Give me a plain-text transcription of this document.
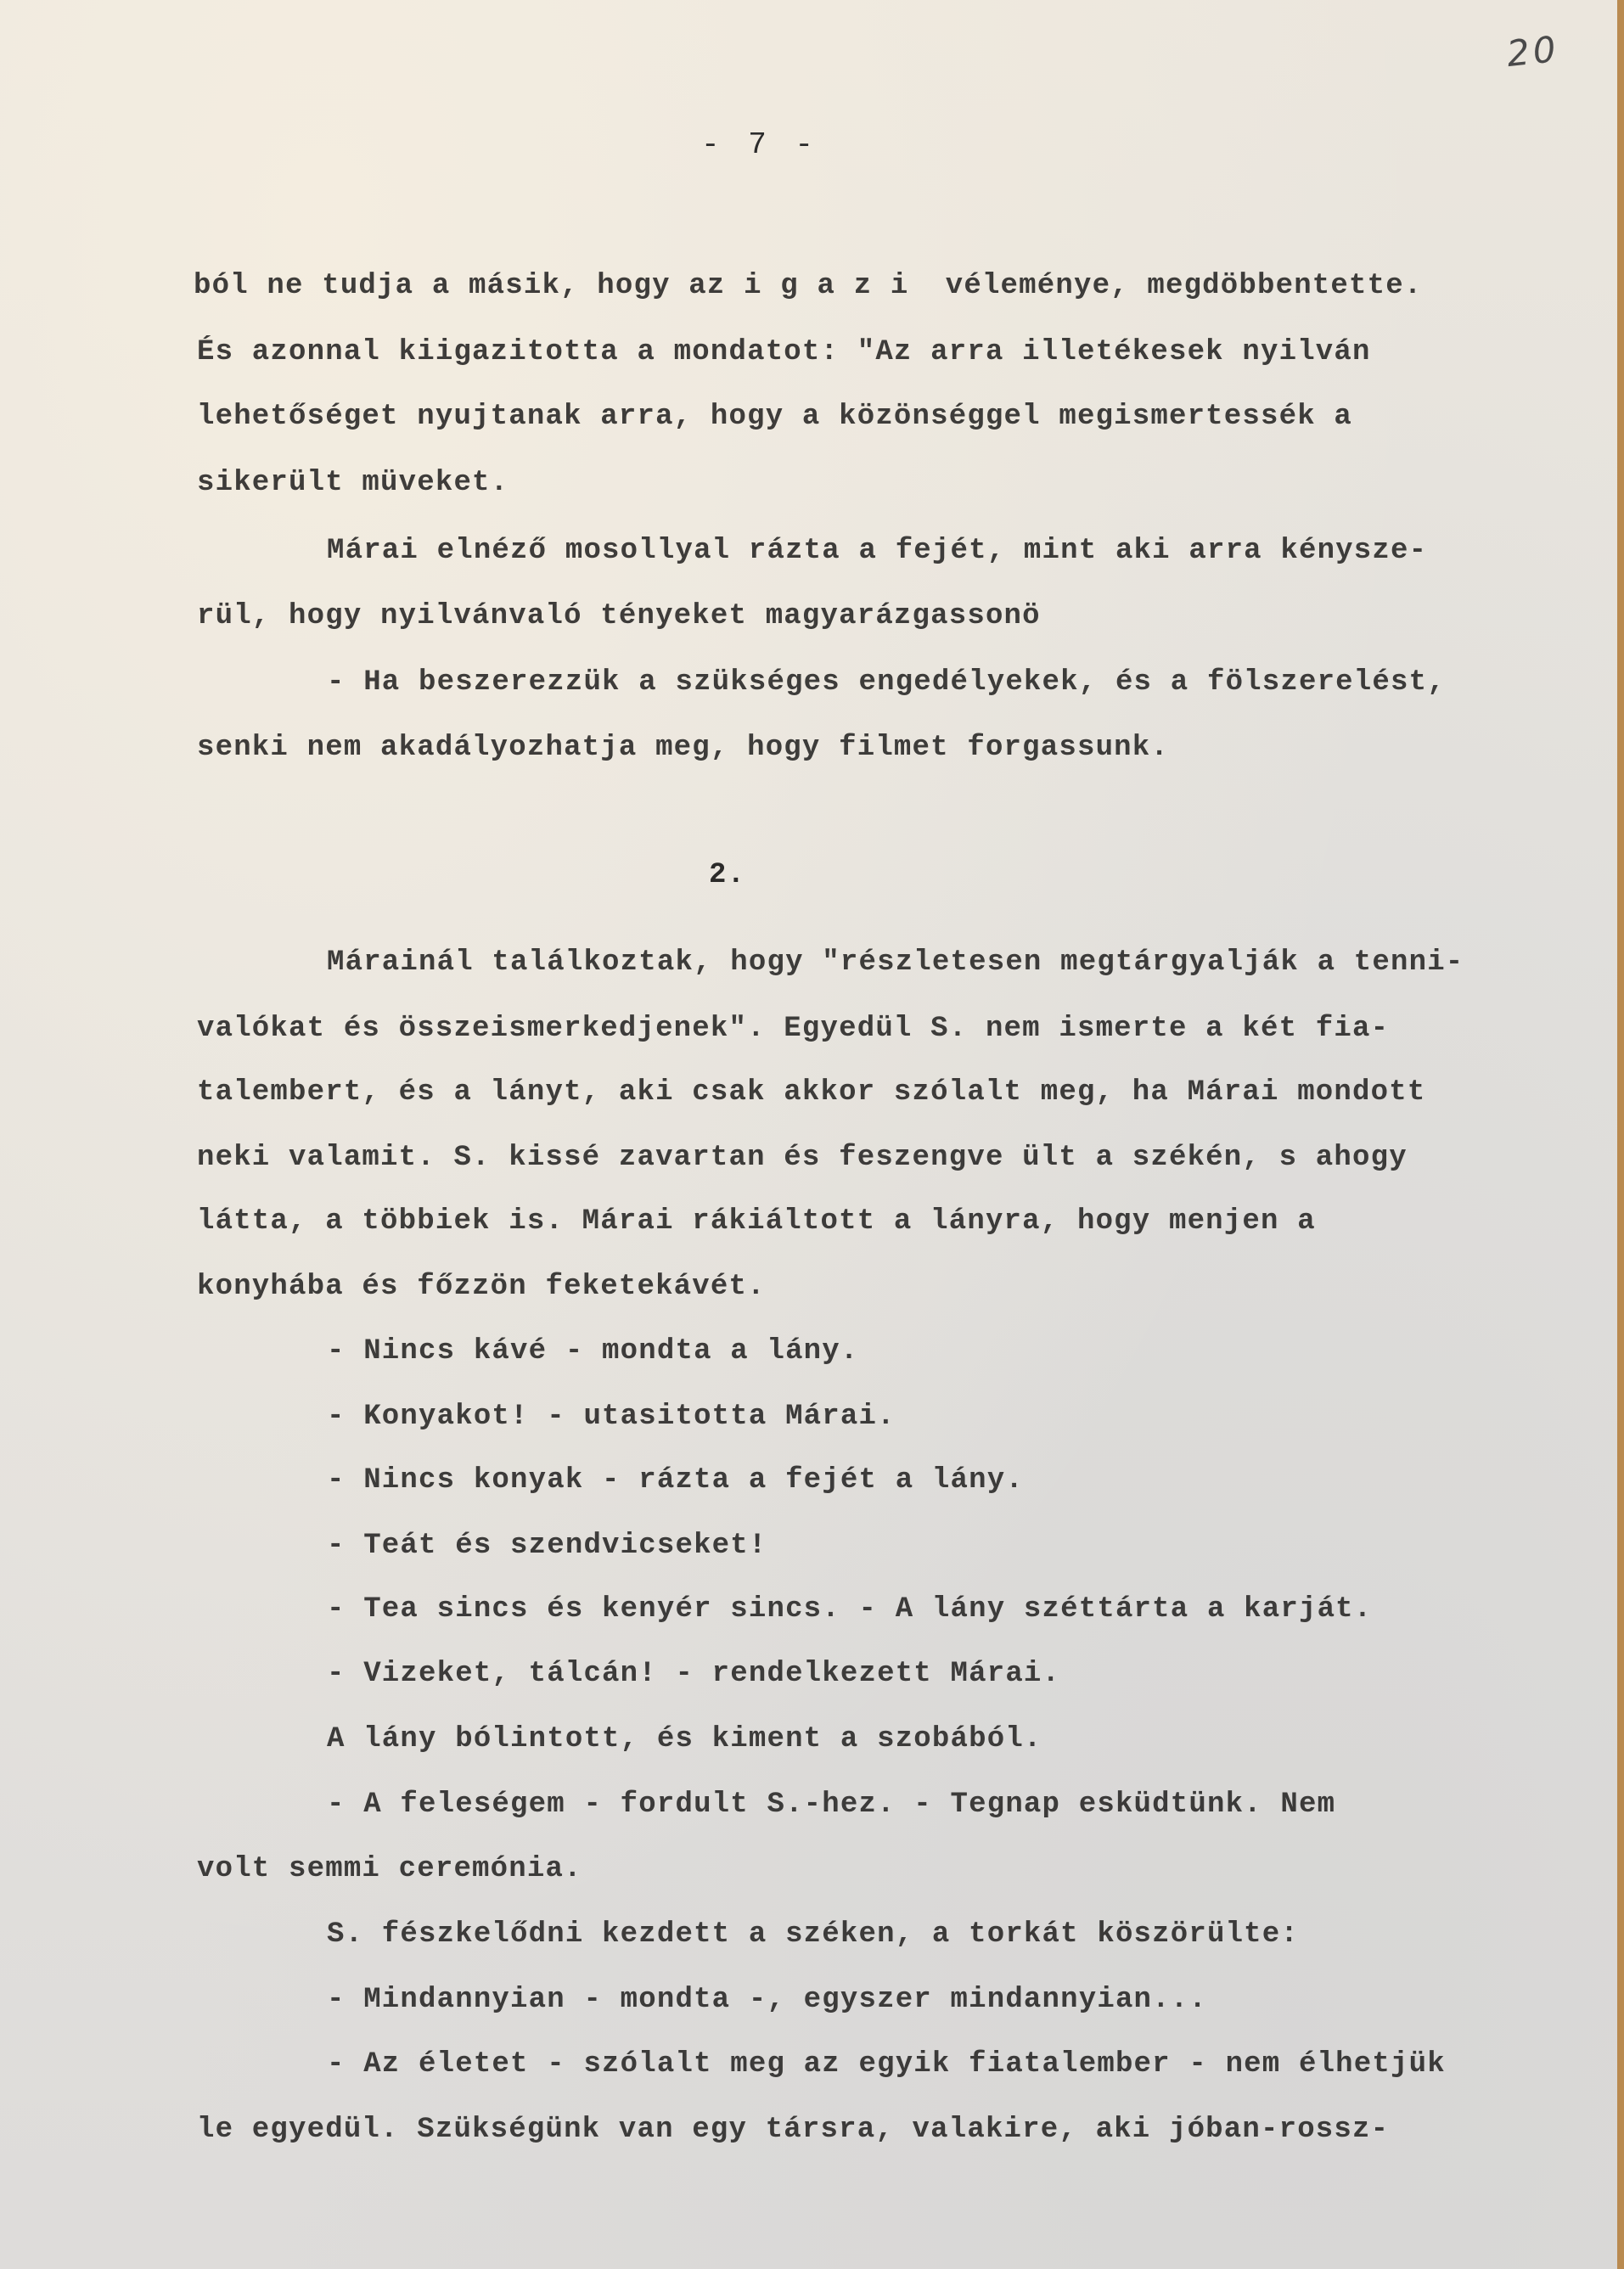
20
- 7 -
2.
ból ne tudja a másik, hogy az i g a z i  véleménye, megdöbbentette.
És azonnal kiigazitotta a mondatot: "Az arra illetékesek nyilván
lehetőséget nyujtanak arra, hogy a közönséggel megismertessék a
sikerült müveket.
Márai elnéző mosollyal rázta a fejét, mint aki arra kénysze-
rül, hogy nyilvánvaló tényeket magyarázgassonö
- Ha beszerezzük a szükséges engedélyekek, és a fölszerelést,
senki nem akadályozhatja meg, hogy filmet forgassunk.
Márainál találkoztak, hogy "részletesen megtárgyalják a tenni-
valókat és összeismerkedjenek". Egyedül S. nem ismerte a két fia-
talembert, és a lányt, aki csak akkor szólalt meg, ha Márai mondott
neki valamit. S. kissé zavartan és feszengve ült a székén, s ahogy
látta, a többiek is. Márai rákiáltott a lányra, hogy menjen a
konyhába és főzzön feketekávét.
- Nincs kávé - mondta a lány.
- Konyakot! - utasitotta Márai.
- Nincs konyak - rázta a fejét a lány.
- Teát és szendvicseket!
- Tea sincs és kenyér sincs. - A lány széttárta a karját.
- Vizeket, tálcán! - rendelkezett Márai.
A lány bólintott, és kiment a szobából.
- A feleségem - fordult S.-hez. - Tegnap esküdtünk. Nem
volt semmi ceremónia.
S. fészkelődni kezdett a széken, a torkát köszörülte:
- Mindannyian - mondta -, egyszer mindannyian...
- Az életet - szólalt meg az egyik fiatalember - nem élhetjük
le egyedül. Szükségünk van egy társra, valakire, aki jóban-rossz-
